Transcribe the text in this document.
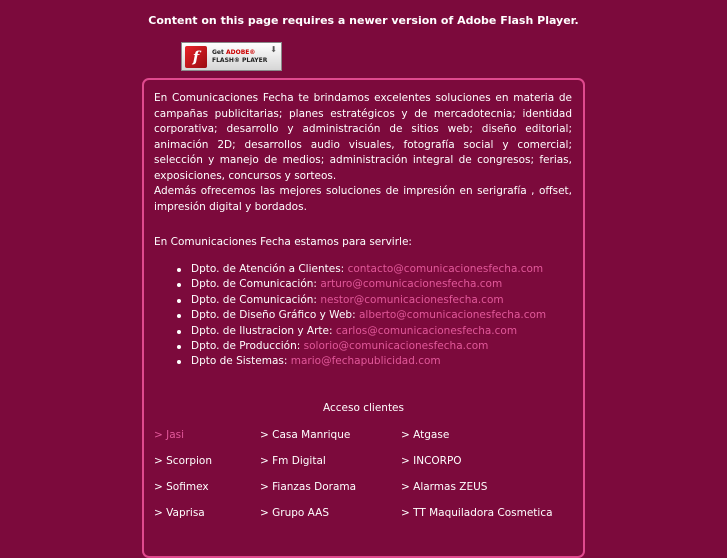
Content on this page requires a newer version of Adobe Flash Player.
f	Get ADOBE®
FLASH® PLAYER
⬇

En Comunicaciones Fecha te brindamos excelentes soluciones en materia de campañas publicitarias; planes estratégicos y de mercadotecnia; identidad corporativa; desarrollo y administración de sitios web; diseño editorial; animación 2D; desarrollos audio visuales, fotografía social y comercial; selección y manejo de medios; administración integral de congresos; ferias, exposiciones, concursos y sorteos.

Además ofrecemos las mejores soluciones de impresión en serigrafía , offset, impresión digital y bordados.

En Comunicaciones Fecha estamos para servirle:
Dpto. de Atención a Clientes: contacto@comunicacionesfecha.com
Dpto. de Comunicación: arturo@comunicacionesfecha.com
Dpto. de Comunicación: nestor@comunicacionesfecha.com
Dpto. de Diseño Gráfico y Web: alberto@comunicacionesfecha.com
Dpto. de Ilustracion y Arte: carlos@comunicacionesfecha.com
Dpto. de Producción: solorio@comunicacionesfecha.com
Dpto de Sistemas: mario@fechapublicidad.com
Acceso clientes
> Jasi	> Casa Manrique	> Atgase
> Scorpion	> Fm Digital	> INCORPO
> Sofimex	> Fianzas Dorama	> Alarmas ZEUS
> Vaprisa	> Grupo AAS	> TT Maquiladora Cosmetica
